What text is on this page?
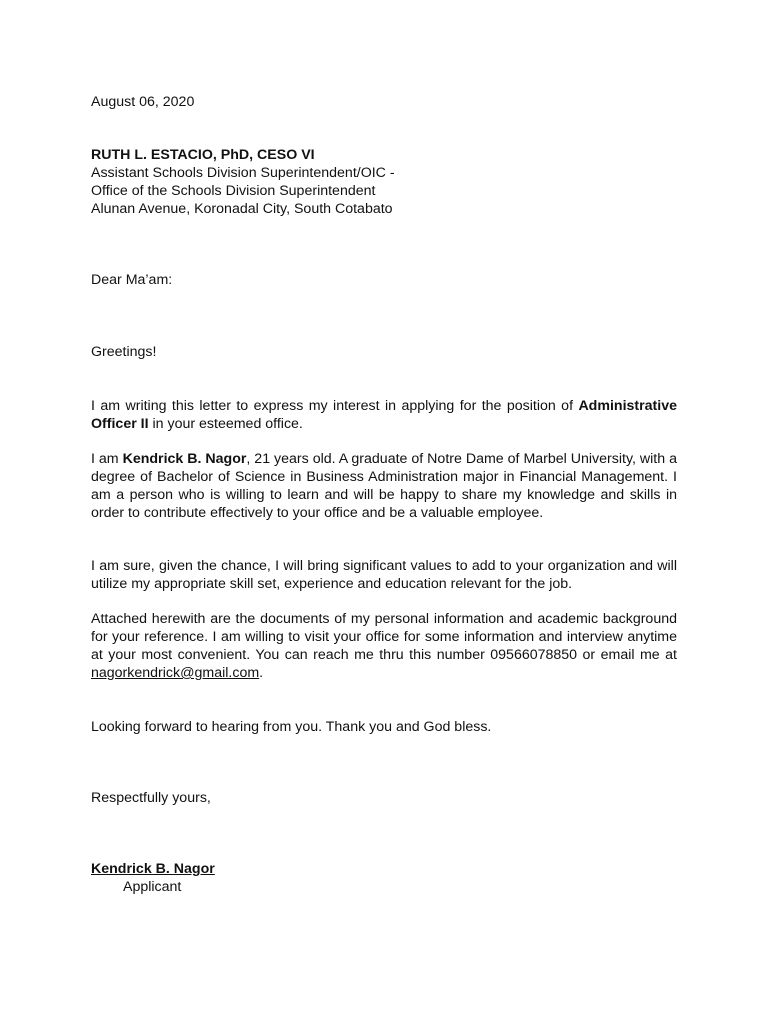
August 06, 2020

RUTH L. ESTACIO, PhD, CESO VI
Assistant Schools Division Superintendent/OIC -
Office of the Schools Division Superintendent
Alunan Avenue, Koronadal City, South Cotabato

Dear Ma’am:

Greetings!

I am writing this letter to express my interest in applying for the position of Administrative Officer II in your esteemed office.

I am Kendrick B. Nagor, 21 years old. A graduate of Notre Dame of Marbel University, with a degree of Bachelor of Science in Business Administration major in Financial Management. I am a person who is willing to learn and will be happy to share my knowledge and skills in order to contribute effectively to your office and be a valuable employee.

I am sure, given the chance, I will bring significant values to add to your organization and will utilize my appropriate skill set, experience and education relevant for the job.

Attached herewith are the documents of my personal information and academic background for your reference. I am willing to visit your office for some information and interview anytime at your most convenient. You can reach me thru this number 09566078850 or email me at nagorkendrick@gmail.com.

Looking forward to hearing from you. Thank you and God bless.

Respectfully yours,

Kendrick B. Nagor
Applicant
